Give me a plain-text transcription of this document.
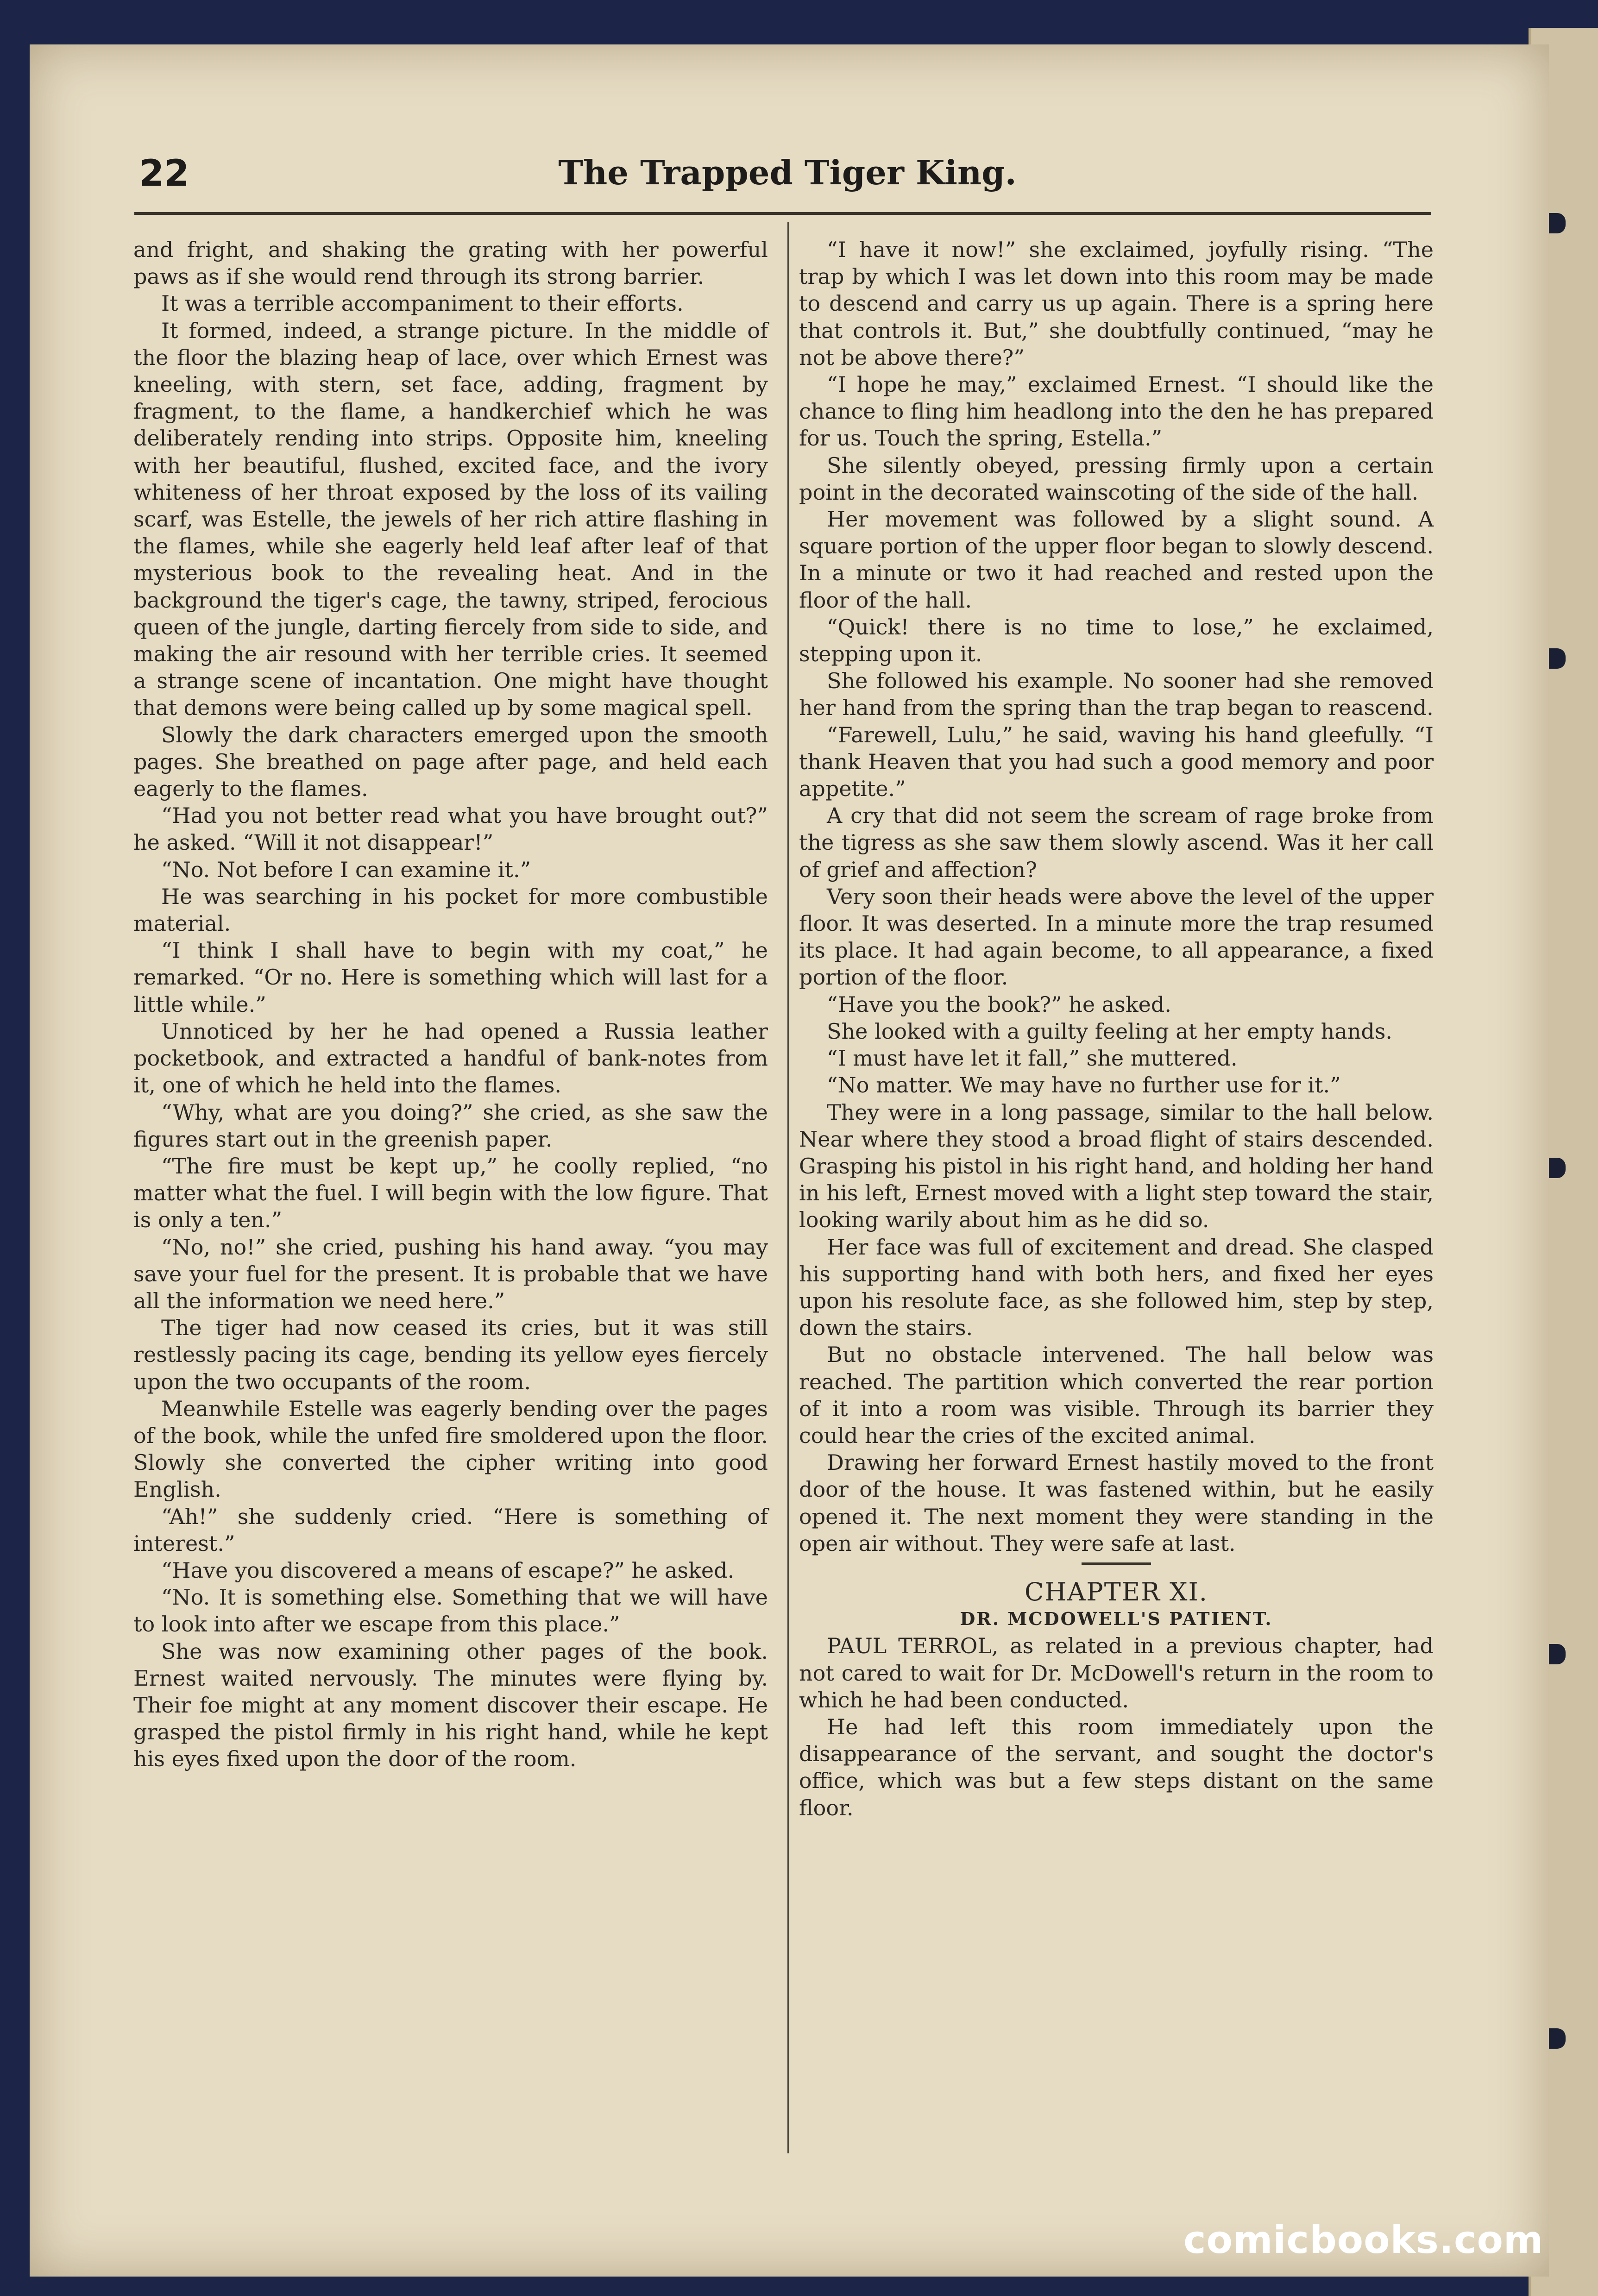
22	The Trapped Tiger King.

and fright, and shaking the grating with her powerful paws as if she would rend through its strong barrier.

It was a terrible accompaniment to their efforts.

It formed, indeed, a strange picture. In the middle of the floor the blazing heap of lace, over which Ernest was kneeling, with stern, set face, adding, fragment by fragment, to the flame, a handkerchief which he was deliberately rending into strips. Opposite him, kneeling with her beautiful, flushed, excited face, and the ivory whiteness of her throat exposed by the loss of its vailing scarf, was Estelle, the jewels of her rich attire flashing in the flames, while she eagerly held leaf after leaf of that mysterious book to the revealing heat. And in the background the tiger's cage, the tawny, striped, ferocious queen of the jungle, darting fiercely from side to side, and making the air resound with her terrible cries. It seemed a strange scene of incantation. One might have thought that demons were being called up by some magical spell.

Slowly the dark characters emerged upon the smooth pages. She breathed on page after page, and held each eagerly to the flames.

“Had you not better read what you have brought out?” he asked. “Will it not disappear!”

“No. Not before I can examine it.”

He was searching in his pocket for more combustible material.

“I think I shall have to begin with my coat,” he remarked. “Or no. Here is something which will last for a little while.”

Unnoticed by her he had opened a Russia leather pocketbook, and extracted a handful of bank-notes from it, one of which he held into the flames.

“Why, what are you doing?” she cried, as she saw the figures start out in the greenish paper.

“The fire must be kept up,” he coolly replied, “no matter what the fuel. I will begin with the low figure. That is only a ten.”

“No, no!” she cried, pushing his hand away. “you may save your fuel for the present. It is probable that we have all the information we need here.”

The tiger had now ceased its cries, but it was still restlessly pacing its cage, bending its yellow eyes fiercely upon the two occupants of the room.

Meanwhile Estelle was eagerly bending over the pages of the book, while the unfed fire smoldered upon the floor. Slowly she converted the cipher writing into good English.

“Ah!” she suddenly cried. “Here is something of interest.”

“Have you discovered a means of escape?” he asked.

“No. It is something else. Something that we will have to look into after we escape from this place.”

She was now examining other pages of the book. Ernest waited nervously. The minutes were flying by. Their foe might at any moment discover their escape. He grasped the pistol firmly in his right hand, while he kept his eyes fixed upon the door of the room.

“I have it now!” she exclaimed, joyfully rising. “The trap by which I was let down into this room may be made to descend and carry us up again. There is a spring here that controls it. But,” she doubtfully continued, “may he not be above there?”

“I hope he may,” exclaimed Ernest. “I should like the chance to fling him headlong into the den he has prepared for us. Touch the spring, Estella.”

She silently obeyed, pressing firmly upon a certain point in the decorated wainscoting of the side of the hall.

Her movement was followed by a slight sound. A square portion of the upper floor began to slowly descend. In a minute or two it had reached and rested upon the floor of the hall.

“Quick! there is no time to lose,” he exclaimed, stepping upon it.

She followed his example. No sooner had she removed her hand from the spring than the trap began to reascend.

“Farewell, Lulu,” he said, waving his hand gleefully. “I thank Heaven that you had such a good memory and poor appetite.”

A cry that did not seem the scream of rage broke from the tigress as she saw them slowly ascend. Was it her call of grief and affection?

Very soon their heads were above the level of the upper floor. It was deserted. In a minute more the trap resumed its place. It had again become, to all appearance, a fixed portion of the floor.

“Have you the book?” he asked.

She looked with a guilty feeling at her empty hands.

“I must have let it fall,” she muttered.

“No matter. We may have no further use for it.”

They were in a long passage, similar to the hall below. Near where they stood a broad flight of stairs descended. Grasping his pistol in his right hand, and holding her hand in his left, Ernest moved with a light step toward the stair, looking warily about him as he did so.

Her face was full of excitement and dread. She clasped his supporting hand with both hers, and fixed her eyes upon his resolute face, as she followed him, step by step, down the stairs.

But no obstacle intervened. The hall below was reached. The partition which converted the rear portion of it into a room was visible. Through its barrier they could hear the cries of the excited animal.

Drawing her forward Ernest hastily moved to the front door of the house. It was fastened within, but he easily opened it. The next moment they were standing in the open air without. They were safe at last.

CHAPTER XI.

DR. MCDOWELL'S PATIENT.

PAUL TERROL, as related in a previous chapter, had not cared to wait for Dr. McDowell's return in the room to which he had been conducted.

He had left this room immediately upon the disappearance of the servant, and sought the doctor's office, which was but a few steps distant on the same floor.

comicbooks.com
